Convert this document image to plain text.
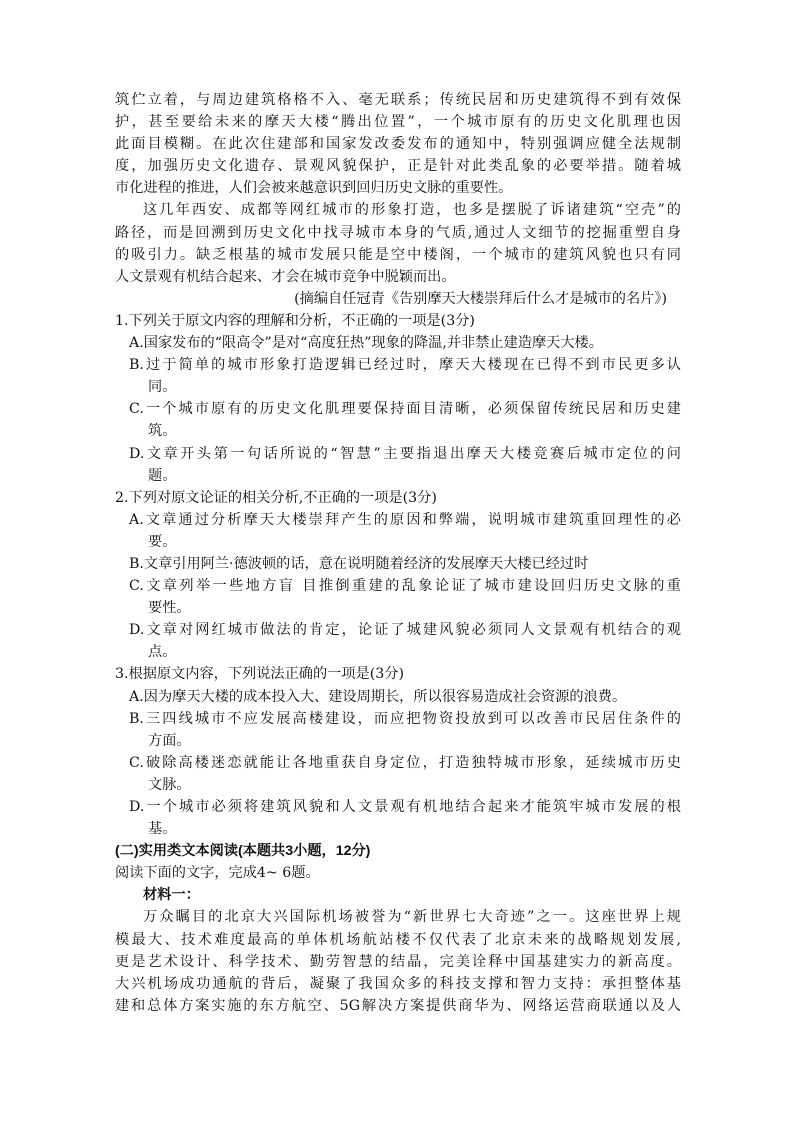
筑伫立着，与周边建筑格格不入、毫无联系；传统民居和历史建筑得不到有效保
护，甚至要给未来的摩天大楼“腾出位置”，一个城市原有的历史文化肌理也因
此面目模糊。在此次住建部和国家发改委发布的通知中，特别强调应健全法规制
度，加强历史文化遗存、景观风貌保护，正是针对此类乱象的必要举措。随着城
市化进程的推进，人们会被来越意识到回归历史文脉的重要性。
这几年西安、成都等网红城市的形象打造，也多是摆脱了诉诸建筑“空壳”的
路径，而是回溯到历史文化中找寻城市本身的气质,通过人文细节的挖掘重塑自身
的吸引力。缺乏根基的城市发展只能是空中楼阁，一个城市的建筑风貌也只有同
人文景观有机结合起来、才会在城市竞争中脱颖而出。
(摘编自任冠青《告别摩天大楼崇拜后什么才是城市的名片》)
1.下列关于原文内容的理解和分析，不正确的一项是(3分)
A.国家发布的“限高令”是对“高度狂热”现象的降温,并非禁止建造摩天大楼。
B.过于简单的城市形象打造逻辑已经过时，摩天大楼现在已得不到市民更多认
同。
C.一个城市原有的历史文化肌理要保持面目清晰，必须保留传统民居和历史建
筑。
D.文章开头第一句话所说的“智慧”主要指退出摩天大楼竞赛后城市定位的问
题。
2.下列对原文论证的相关分析,不正确的一项是(3分)
A.文章通过分析摩天大楼崇拜产生的原因和弊端，说明城市建筑重回理性的必
要。
B.文章引用阿兰·德波顿的话，意在说明随着经济的发展摩天大楼已经过时
C.文章列举一些地方盲 目推倒重建的乱象论证了城市建设回归历史文脉的重
要性。
D.文章对网红城市做法的肯定，论证了城建风貌必须同人文景观有机结合的观
点。
3.根据原文内容，下列说法正确的一项是(3分)
A.因为摩天大楼的成本投入大、建设周期长，所以很容易造成社会资源的浪费。
B.三四线城市不应发展高楼建设，而应把物资投放到可以改善市民居住条件的
方面。
C.破除高楼迷恋就能让各地重获自身定位，打造独特城市形象，延续城市历史
文脉。
D.一个城市必须将建筑风貌和人文景观有机地结合起来才能筑牢城市发展的根
基。
(二)实用类文本阅读(本题共3小题，12分)
阅读下面的文字，完成4~ 6题。
材料一：
万众瞩目的北京大兴国际机场被誉为“新世界七大奇迹”之一。这座世界上规
模最大、技术难度最高的单体机场航站楼不仅代表了北京未来的战略规划发展,
更是艺术设计、科学技术、勤劳智慧的结晶，完美诠释中国基建实力的新高度。
大兴机场成功通航的背后，凝聚了我国众多的科技支撑和智力支持：承担整体基
建和总体方案实施的东方航空、5G解决方案提供商华为、网络运营商联通以及人
